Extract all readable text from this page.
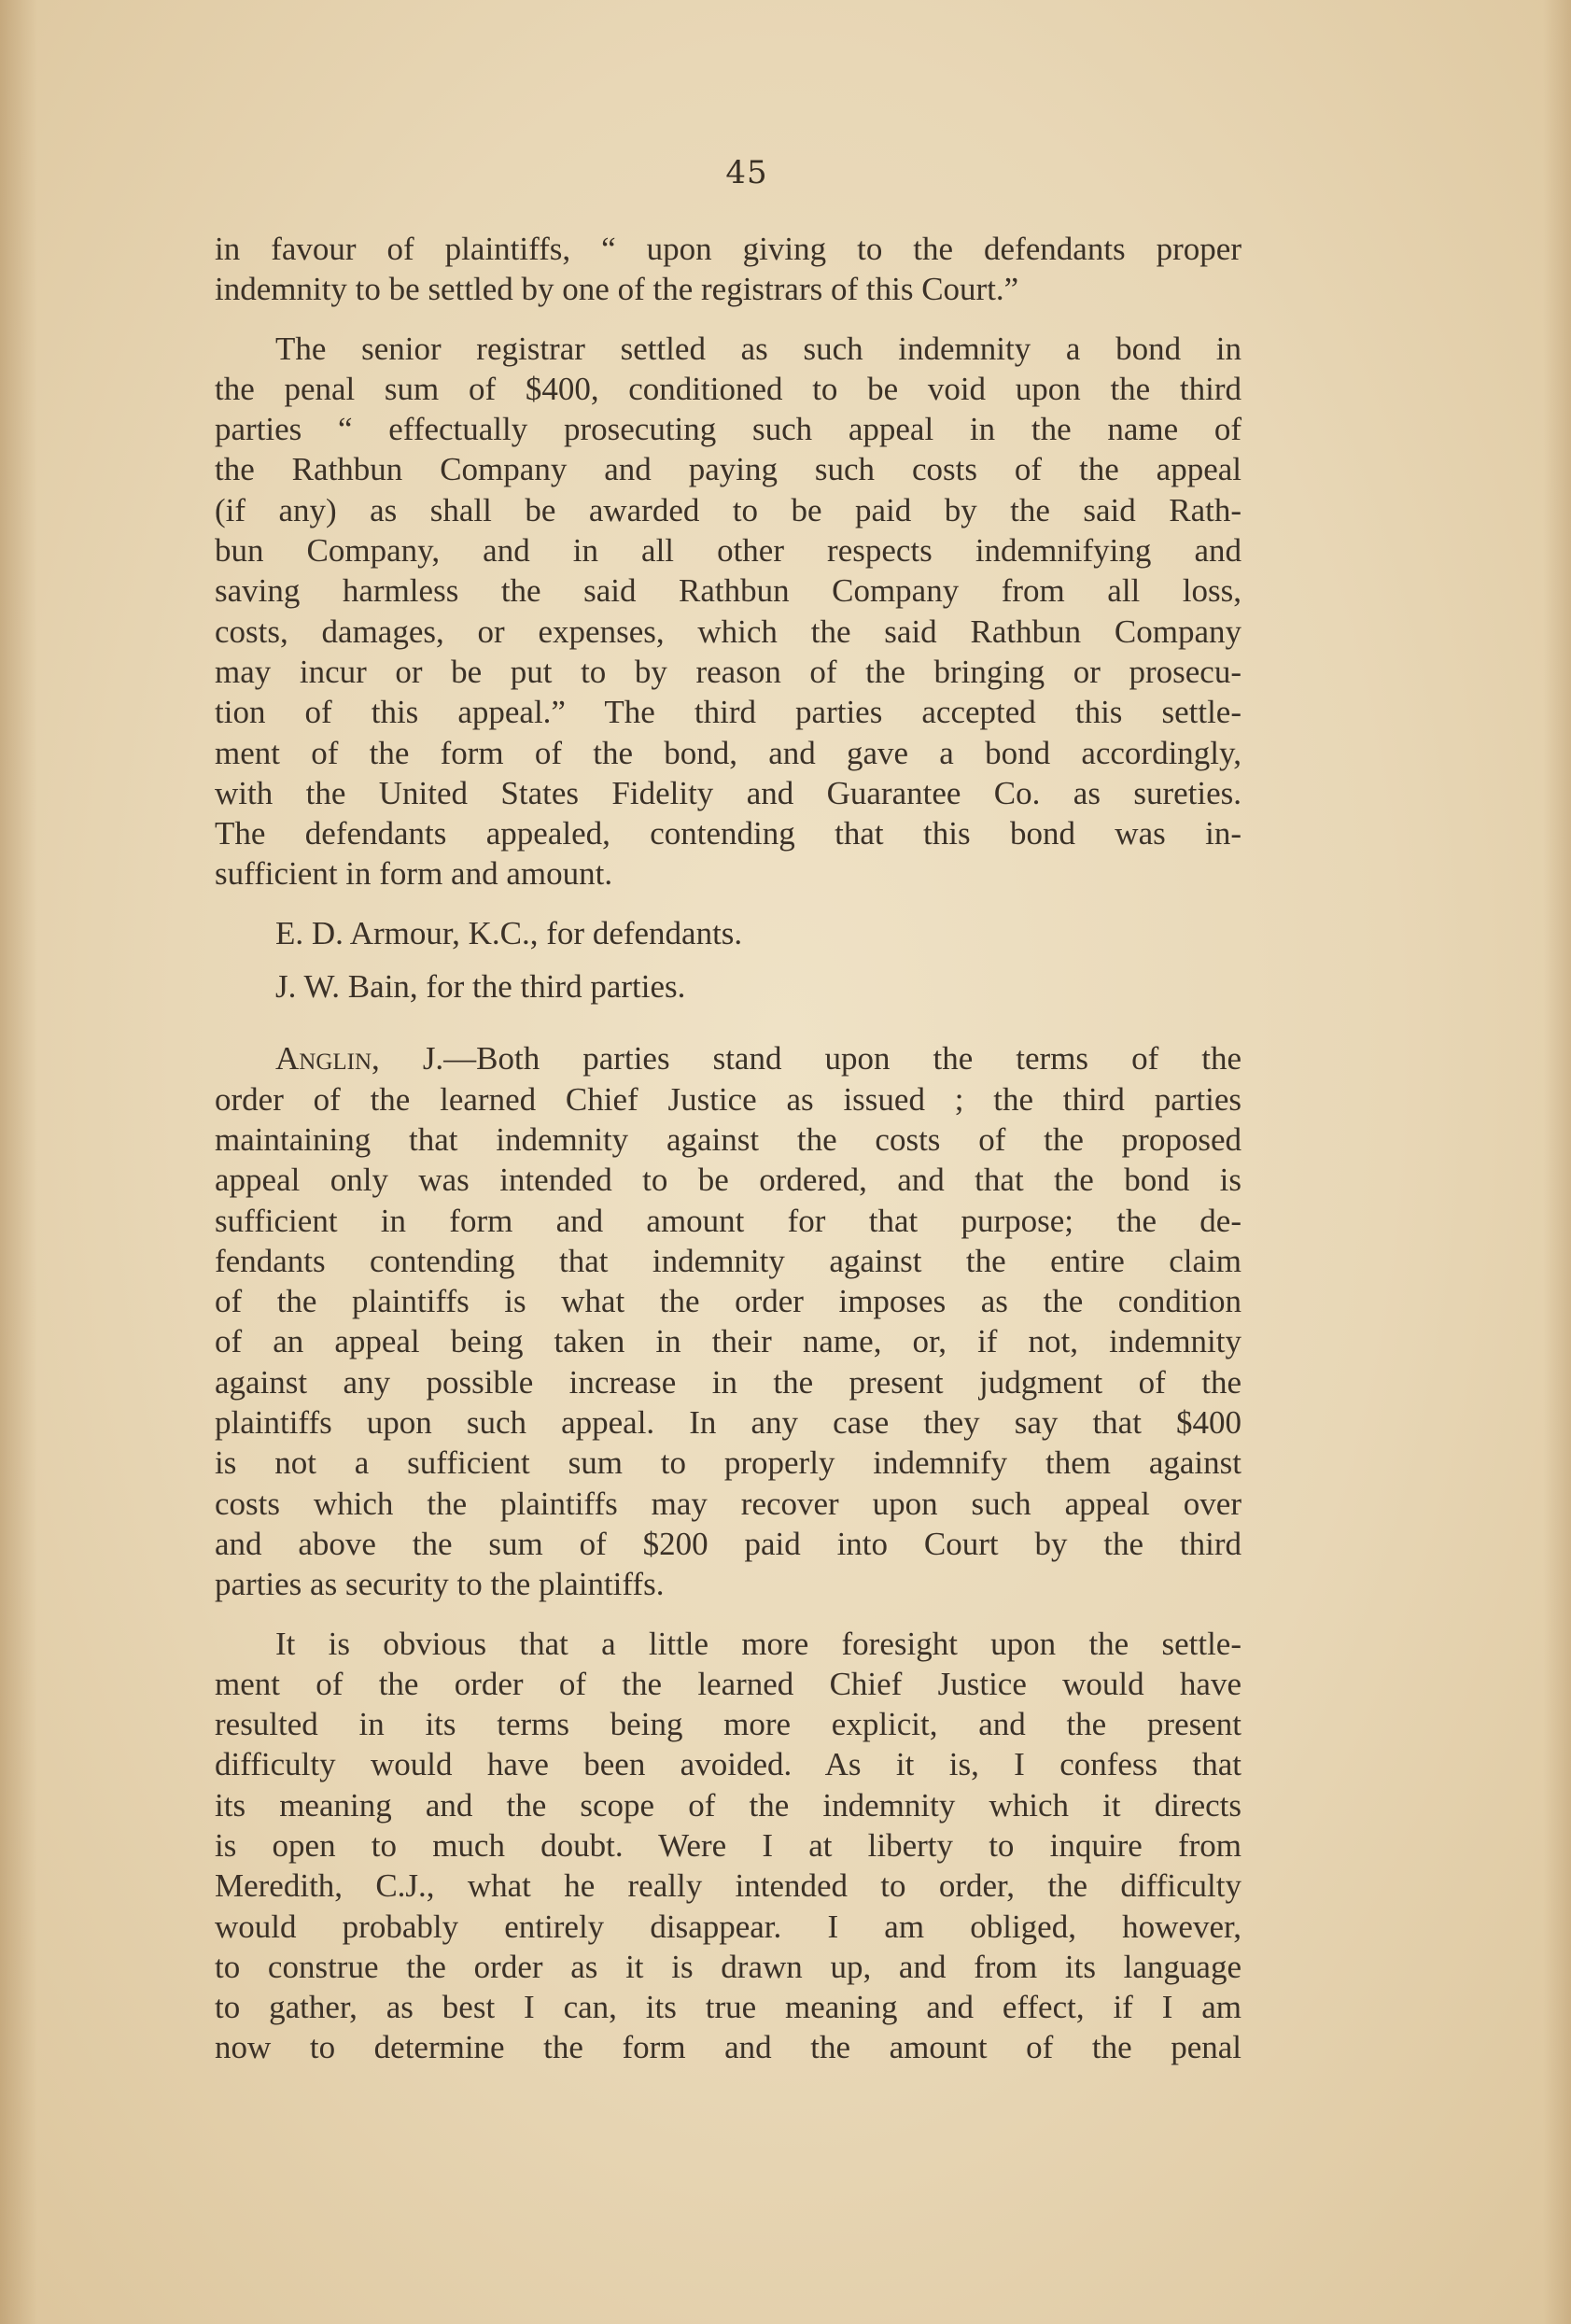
45
in favour of plaintiffs, “ upon giving to the defendants proper
indemnity to be settled by one of the registrars of this Court.”
The senior registrar settled as such indemnity a bond in
the penal sum of $400, conditioned to be void upon the third
parties “ effectually prosecuting such appeal in the name of
the Rathbun Company and paying such costs of the appeal
(if any) as shall be awarded to be paid by the said Rath-
bun Company, and in all other respects indemnifying and
saving harmless the said Rathbun Company from all loss,
costs, damages, or expenses, which the said Rathbun Company
may incur or be put to by reason of the bringing or prosecu-
tion of this appeal.” The third parties accepted this settle-
ment of the form of the bond, and gave a bond accordingly,
with the United States Fidelity and Guarantee Co. as sureties.
The defendants appealed, contending that this bond was in-
sufficient in form and amount.
E. D. Armour, K.C., for defendants.
J. W. Bain, for the third parties.
Anglin, J.—Both parties stand upon the terms of the
order of the learned Chief Justice as issued ; the third parties
maintaining that indemnity against the costs of the proposed
appeal only was intended to be ordered, and that the bond is
sufficient in form and amount for that purpose; the de-
fendants contending that indemnity against the entire claim
of the plaintiffs is what the order imposes as the condition
of an appeal being taken in their name, or, if not, indemnity
against any possible increase in the present judgment of the
plaintiffs upon such appeal. In any case they say that $400
is not a sufficient sum to properly indemnify them against
costs which the plaintiffs may recover upon such appeal over
and above the sum of $200 paid into Court by the third
parties as security to the plaintiffs.
It is obvious that a little more foresight upon the settle-
ment of the order of the learned Chief Justice would have
resulted in its terms being more explicit, and the present
difficulty would have been avoided. As it is, I confess that
its meaning and the scope of the indemnity which it directs
is open to much doubt. Were I at liberty to inquire from
Meredith, C.J., what he really intended to order, the difficulty
would probably entirely disappear. I am obliged, however,
to construe the order as it is drawn up, and from its language
to gather, as best I can, its true meaning and effect, if I am
now to determine the form and the amount of the penal
